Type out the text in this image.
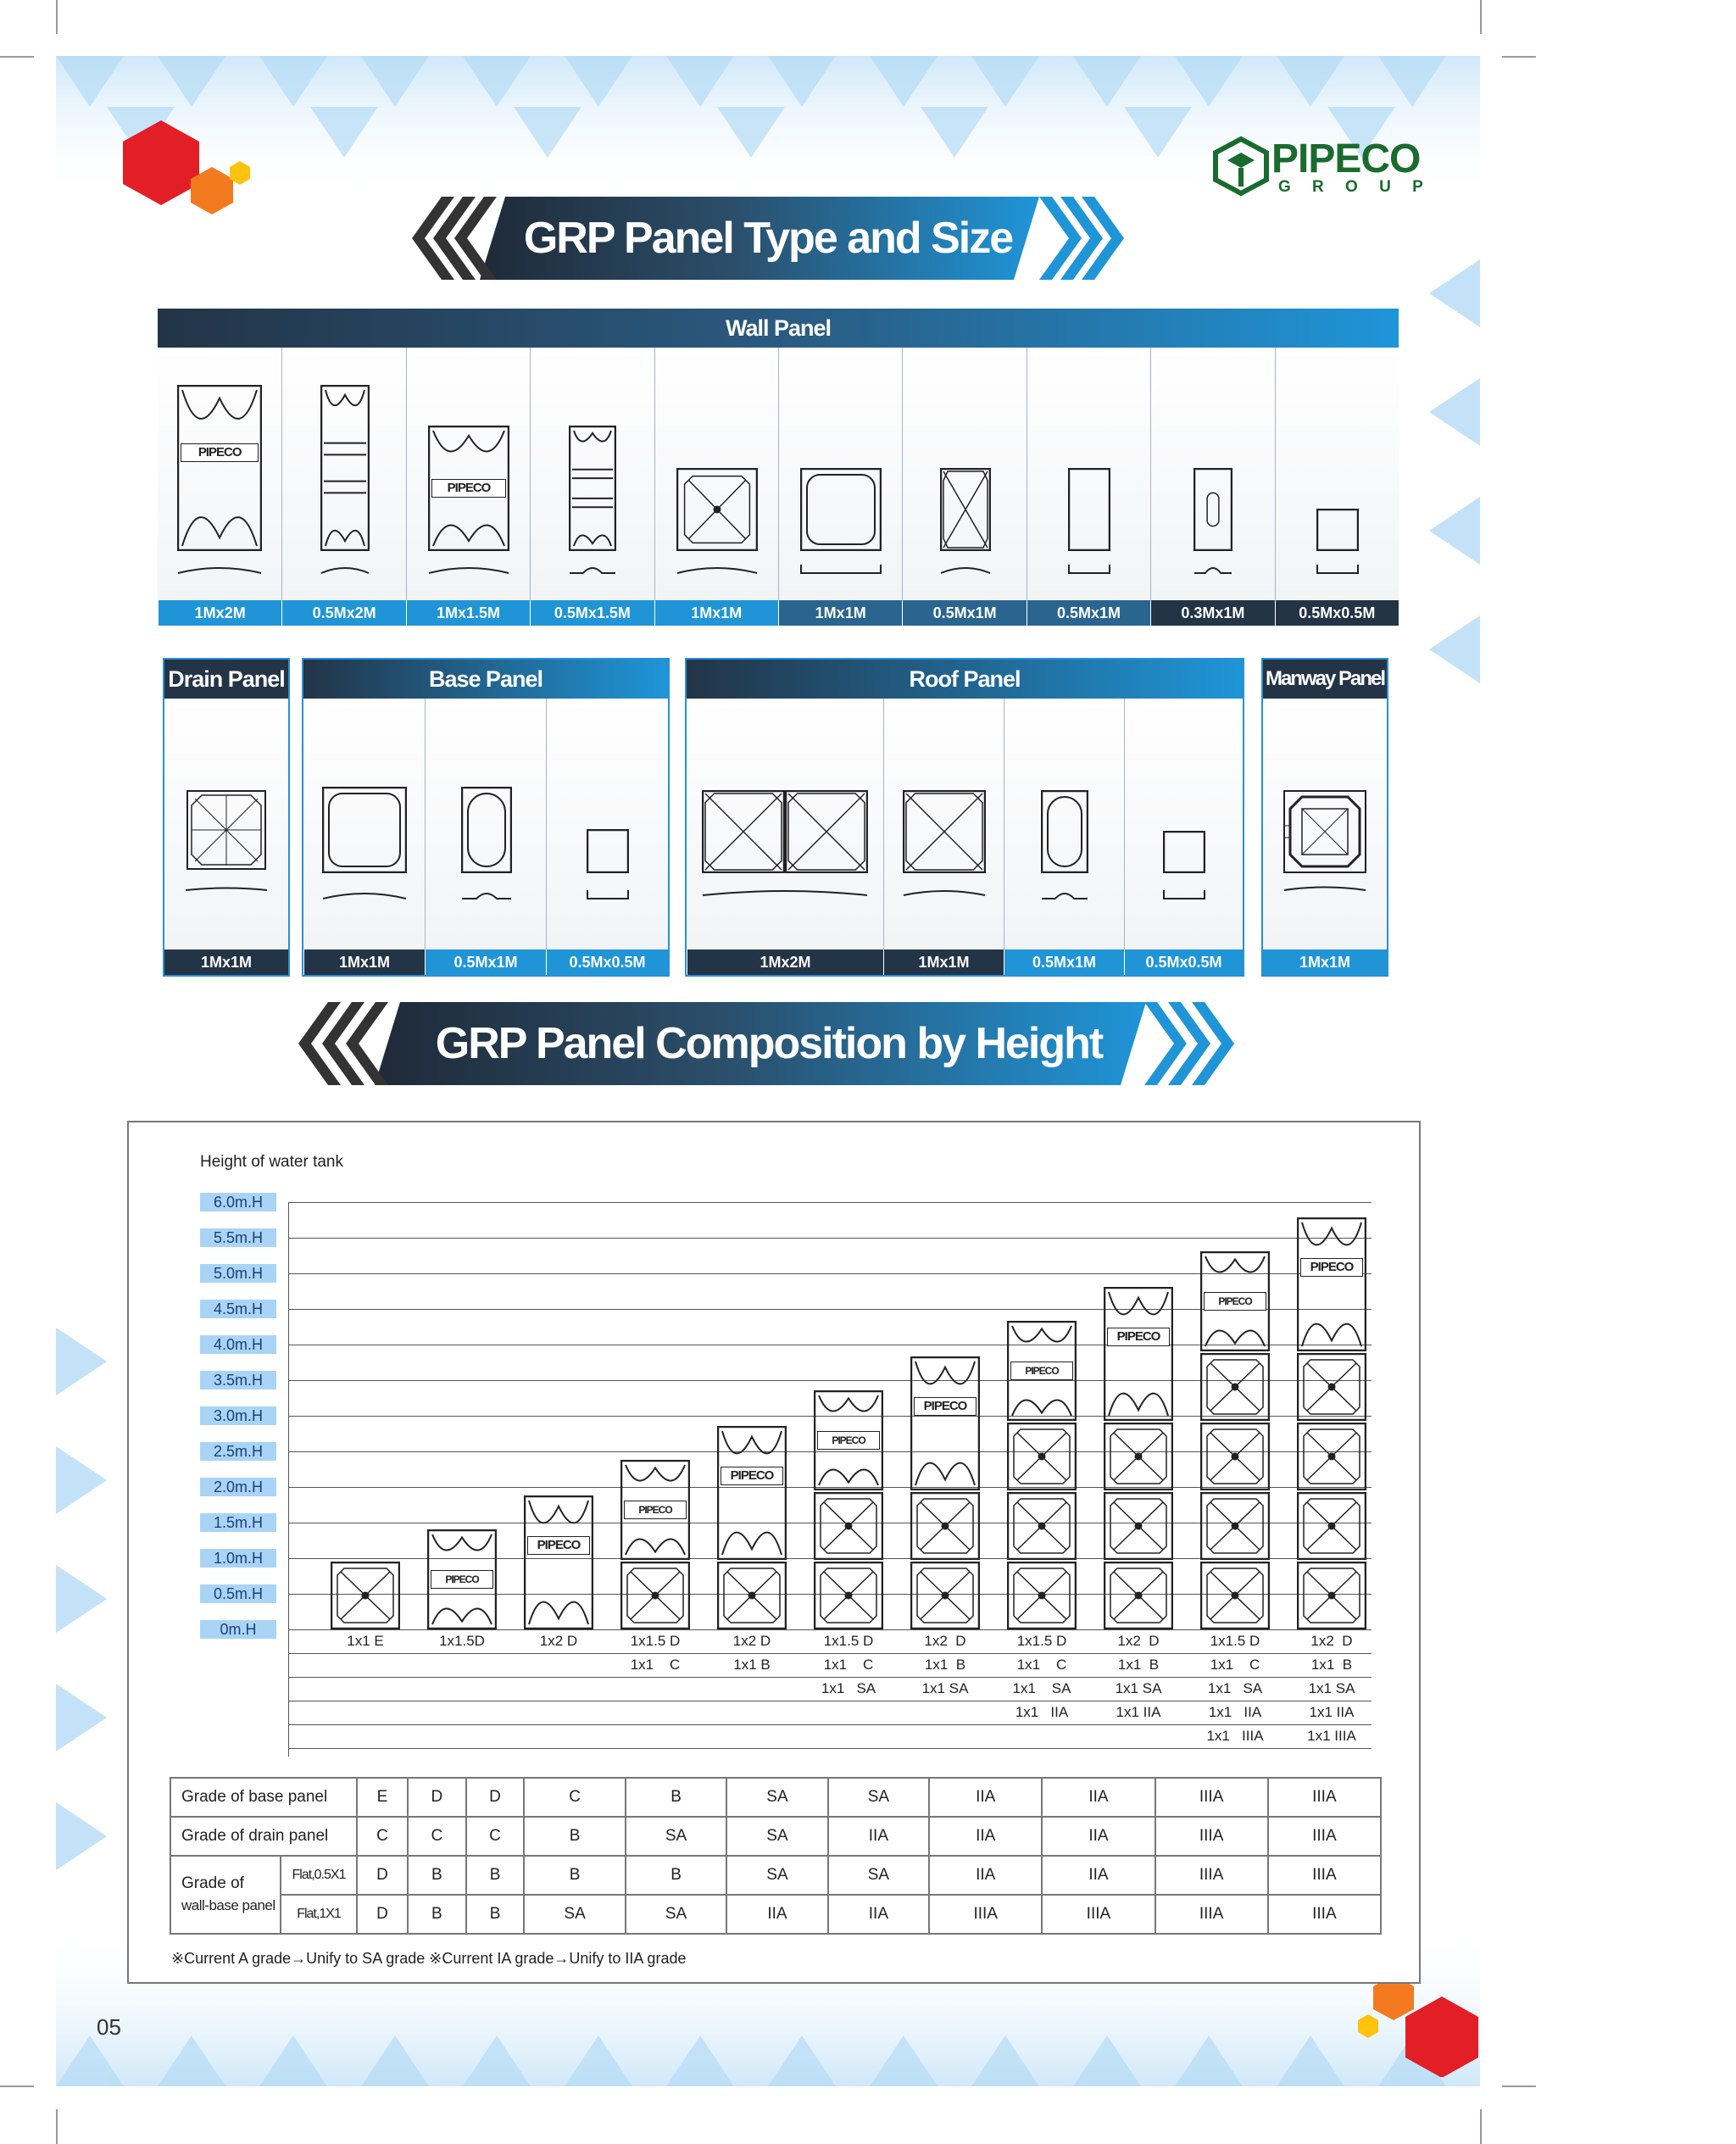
PIPECO
G R O U P
GRP Panel Type and Size
Wall Panel
PIPECO
1Mx2M	0.5Mx2M
PIPECO
1Mx1.5M	0.5Mx1.5M	1Mx1M	1Mx1M	0.5Mx1M	0.5Mx1M	0.3Mx1M	0.5Mx0.5M
Drain Panel
1Mx1M
Base Panel
1Mx1M	0.5Mx1M	0.5Mx0.5M
Roof Panel
1Mx2M	1Mx1M	0.5Mx1M	0.5Mx0.5M
Manway Panel
1Mx1M
GRP Panel Composition by Height
Height of water tank
0m.H
0.5m.H
1.0m.H
1.5m.H
2.0m.H
2.5m.H
3.0m.H
3.5m.H
4.0m.H
4.5m.H
5.0m.H
5.5m.H
6.0m.H
1x1 E
PIPECO
1x1.5D
PIPECO
1x2 D
PIPECO
1x1.5 D
1x1    C
PIPECO
1x2 D
1x1 B
PIPECO
1x1.5 D
1x1    C
1x1   SA
PIPECO
1x2  D
1x1  B
1x1 SA
PIPECO
1x1.5 D
1x1    C
1x1    SA
1x1   IIA
PIPECO
1x2  D
1x1  B
1x1 SA
1x1 IIA
PIPECO
1x1.5 D
1x1    C
1x1   SA
1x1   IIA
1x1   IIIA
PIPECO
1x2  D
1x1  B
1x1 SA
1x1 IIA
1x1 IIIA
Grade of base panel		E	D	D	C	B	SA	SA	IIA	IIA	IIIA	IIIA
Grade of drain panel		C	C	C	B	SA	SA	IIA	IIA	IIA	IIIA	IIIA
Grade of
wall-base panel	Flat,0.5X1	D	B	B	B	B	SA	SA	IIA	IIA	IIIA	IIIA
	Flat,1X1	D	B	B	SA	SA	IIA	IIA	IIIA	IIIA	IIIA	IIIA
※Current A grade→Unify to SA grade ※Current IA grade→Unify to IIA grade
05
